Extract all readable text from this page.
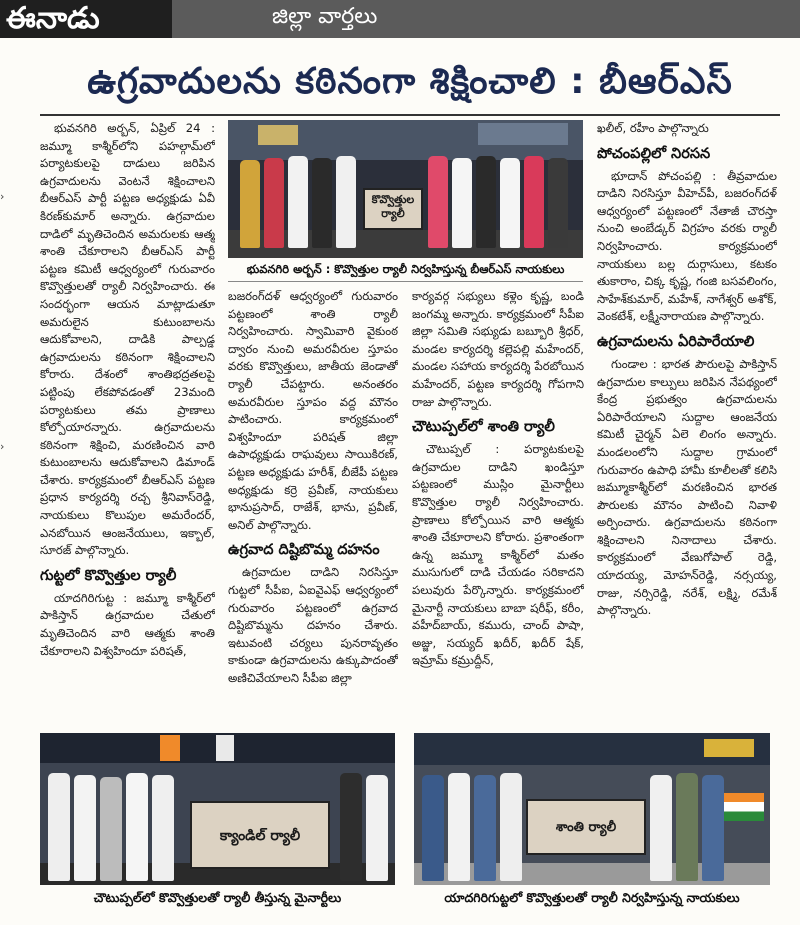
ఈనాడు	జిల్లా వార్తలు
›
›
ఉగ్రవాదులను కఠినంగా శిక్షించాలి : బీఆర్ఎస్

భువనగిరి అర్బన్, ఏప్రిల్ 24 : జమ్మూ కాశ్మీర్‌లోని పహల్గామ్‌లో పర్యాటకులపై దాడులు జరిపిన ఉగ్రవాదులను వెంటనే శిక్షించాలని బీఆర్ఎస్ పార్టీ పట్టణ అధ్యక్షుడు ఏవీ కిరణ్‌కుమార్ అన్నారు. ఉగ్రవాదుల దాడిలో మృతిచెందిన అమరులకు ఆత్మ శాంతి చేకూరాలని బీఆర్ఎస్ పార్టీ పట్టణ కమిటీ ఆధ్వర్యంలో గురువారం కొవ్వొత్తులతో ర్యాలీ నిర్వహించారు. ఈ సందర్భంగా ఆయన మాట్లాడుతూ అమరులైన కుటుంబాలను ఆదుకోవాలని, దాడికి పాల్పడ్డ ఉగ్రవాదులను కఠినంగా శిక్షించాలని కోరారు. దేశంలో శాంతిభద్రతలపై పట్టింపు లేకపోవడంతో 23మంది పర్యాటకులు తమ ప్రాణాలు కోల్పోయారన్నారు. ఉగ్రవాదులను కఠినంగా శిక్షించి, మరణించిన వారి కుటుంబాలను ఆదుకోవాలని డిమాండ్ చేశారు. కార్యక్రమంలో బీఆర్ఎస్ పట్టణ ప్రధాన కార్యదర్శి రచ్చ శ్రీనివాస్‌రెడ్డి, నాయకులు కొలుపుల అమరేందర్, ఎనబోయిన ఆంజనేయులు, ఇక్బాల్, సూరజ్ పాల్గొన్నారు.

గుట్టలో కొవ్వొత్తుల ర్యాలీ

యాదగిరిగుట్ట : జమ్మూ కాశ్మీర్‌లో పాకిస్తాన్ ఉగ్రవాదుల చేతులో మృతిచెందిన వారి ఆత్మకు శాంతి చేకూరాలని విశ్వహిందూ పరిషత్,

కొవ్వొత్తుల ర్యాలీ
భువనగిరి అర్బన్ : కొవ్వొత్తుల ర్యాలీ నిర్వహిస్తున్న బీఆర్ఎస్ నాయకులు

బజరంగ్‌దళ్ ఆధ్వర్యంలో గురువారం పట్టణంలో శాంతి ర్యాలీ నిర్వహించారు. స్వామివారి వైకుంఠ ద్వారం నుంచి అమరవీరుల స్తూపం వరకు కొవ్వొత్తులు, జాతీయ జెండాతో ర్యాలీ చేపట్టారు. అనంతరం అమరవీరుల స్తూపం వద్ద మౌనం పాటించారు. కార్యక్రమంలో విశ్వహిందూ పరిషత్ జిల్లా ఉపాధ్యక్షుడు రాఘవులు సాయికిరణ్, పట్టణ అధ్యక్షుడు హరీశ్, బీజేపీ పట్టణ అధ్యక్షుడు కర్రె ప్రవీణ్, నాయకులు భానుప్రసాద్, రాజేశ్, భాను, ప్రవీణ్, అనిల్ పాల్గొన్నారు.

ఉగ్రవాద దిష్టిబొమ్మ దహనం

ఉగ్రవాదుల దాడిని నిరసిస్తూ గుట్టలో సీపీఐ, ఏఐవైఎఫ్ ఆధ్వర్యంలో గురువారం పట్టణంలో ఉగ్రవాద దిష్టిబొమ్మను దహనం చేశారు. ఇటువంటి చర్యలు పునరావృతం కాకుండా ఉగ్రవాదులను ఉక్కుపాదంతో అణిచివేయాలని సీపీఐ జిల్లా

కార్యవర్గ సభ్యులు కళ్లెం కృష్ణ, బండి జంగమ్మ అన్నారు. కార్యక్రమంలో సీపీఐ జిల్లా సమితి సభ్యుడు బబ్బూరి శ్రీధర్, మండల కార్యదర్శి కల్లెపల్లి మహేందర్, మండల సహాయ కార్యదర్శి పేరబోయిన మహేందర్, పట్టణ కార్యదర్శి గోపగాని రాజు పాల్గొన్నారు.

చౌటుప్పల్‌లో శాంతి ర్యాలీ

చౌటుప్పల్ : పర్యాటకులపై ఉగ్రవాదుల దాడిని ఖండిస్తూ పట్టణంలో ముస్లిం మైనార్టీలు కొవ్వొత్తుల ర్యాలీ నిర్వహించారు. ప్రాణాలు కోల్పోయిన వారి ఆత్మకు శాంతి చేకూరాలని కోరారు. ప్రశాంతంగా ఉన్న జమ్మూ కాశ్మీర్‌లో మతం ముసుగులో దాడి చేయడం సరికాదని పలువురు పేర్కొన్నారు. కార్యక్రమంలో మైనార్టీ నాయకులు బాబా షరీఫ్, కరీం, వహీద్‌బాయ్, కమురు, చాంద్ పాషా, అజ్జు, సయ్యద్ ఖదీర్, ఖదీర్ షేక్, ఇమ్రామ్ కమ్రుద్దీన్,

ఖలీల్, రహీం పాల్గొన్నారు

పోచంపల్లిలో నిరసన

భూదాన్ పోచంపల్లి : తీవ్రవాదుల దాడిని నిరసిస్తూ వీహెచ్‌పీ, బజరంగ్‌దళ్ ఆధ్వర్యంలో పట్టణంలో నేతాజీ చౌరస్తా నుంచి అంబేడ్కర్ విగ్రహం వరకు ర్యాలీ నిర్వహించారు. కార్యక్రమంలో నాయకులు బల్ల దుర్గాసులు, కటకం తుకారాం, చిక్క కృష్ణ, గంజి బసవలింగం, సాహేశ్‌కుమార్, మహేశ్, నాగేశ్వర్ అశోక్, వెంకటేశ్, లక్ష్మీనారాయణ పాల్గొన్నారు.

ఉగ్రవాదులను ఏరిపారేయాలి

గుండాల : భారత పౌరులపై పాకిస్తాన్ ఉగ్రవాదుల కాల్పులు జరిపిన నేపథ్యంలో కేంద్ర ప్రభుత్వం ఉగ్రవాదులను ఏరిపారేయాలని సుద్దాల ఆంజనేయ కమిటీ చైర్మన్ ఏలె లింగం అన్నారు. మండలంలోని సుద్దాల గ్రామంలో గురువారం ఉపాధి హామీ కూలీలతో కలిసి జమ్మూకాశ్మీర్‌లో మరణించిన భారత పౌరులకు మౌనం పాటించి నివాళి అర్పించారు. ఉగ్రవాదులను కఠినంగా శిక్షించాలని నినాదాలు చేశారు. కార్యక్రమంలో వేణుగోపాల్ రెడ్డి, యాదయ్య, మోహన్‌రెడ్డి, నర్సయ్య, రాజు, నర్సిరెడ్డి, నరేశ్, లక్ష్మి, రమేశ్ పాల్గొన్నారు.

క్యాండిల్ ర్యాలీ
చౌటుప్పల్‌లో కొవ్వొత్తులతో ర్యాలీ తీస్తున్న మైనార్టీలు
శాంతి ర్యాలీ
యాదగిరిగుట్టలో కొవ్వొత్తులతో ర్యాలీ నిర్వహిస్తున్న నాయకులు
